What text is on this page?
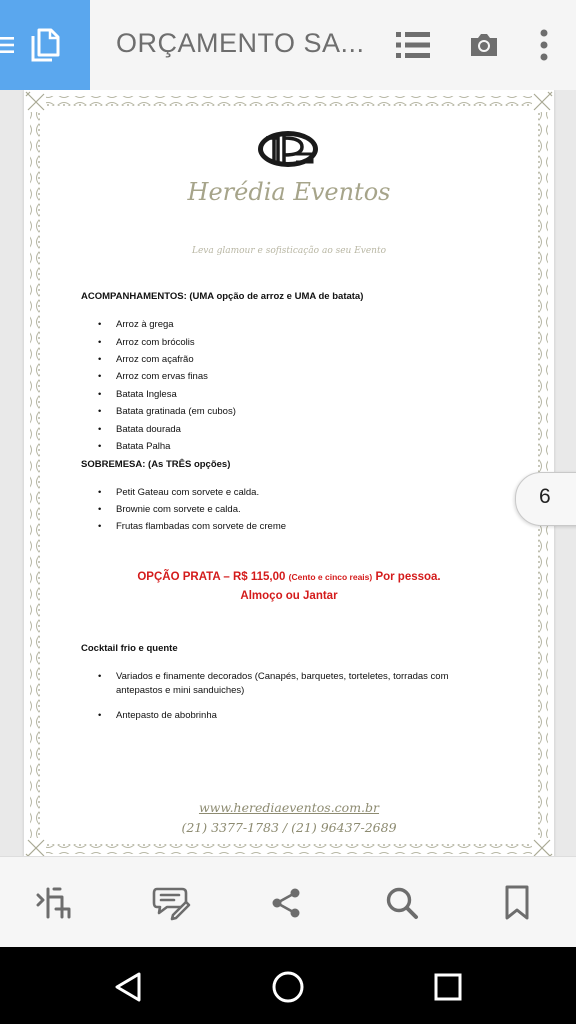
ORÇAMENTO SA...
Herédia Eventos
Leva glamour e sofisticação ao seu Evento
ACOMPANHAMENTOS: (UMA opção de arroz e UMA de batata)
• Arroz à grega
• Arroz com brócolis
• Arroz com açafrão
• Arroz com ervas finas
• Batata Inglesa
• Batata gratinada (em cubos)
• Batata dourada
• Batata Palha
SOBREMESA: (As TRÊS opções)
• Petit Gateau com sorvete e calda.
• Brownie com sorvete e calda.
• Frutas flambadas com sorvete de creme
OPÇÃO PRATA – R$ 115,00 (Cento e cinco reais) Por pessoa.
Almoço ou Jantar
Cocktail frio e quente
• Variados e finamente decorados (Canapés, barquetes, torteletes, torradas com
antepastos e mini sanduiches)
• Antepasto de abobrinha
www.herediaeventos.com.br
(21) 3377-1783 / (21) 96437-2689
6
